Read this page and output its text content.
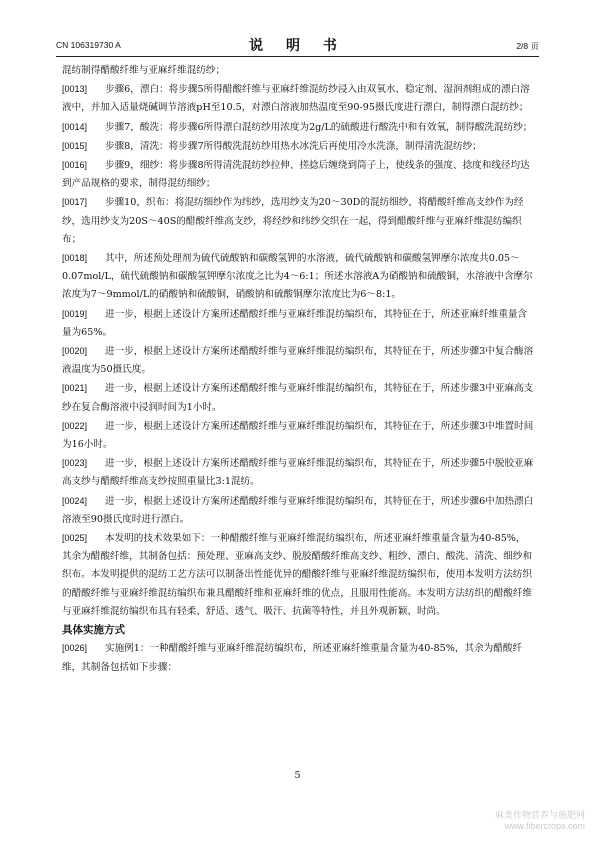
CN 106319730 A	说 明 书	2/8 页

混纺制得醋酸纤维与亚麻纤维混纺纱；

[0013] 步骤6，漂白：将步骤5所得醋酸纤维与亚麻纤维混纺纱浸入由双氧水、稳定剂、湿润剂组成的漂白溶液中，并加入适量烧碱调节溶液pH至10.5，对漂白溶液加热温度至90-95摄氏度进行漂白，制得漂白混纺纱；

[0014] 步骤7，酸洗：将步骤6所得漂白混纺纱用浓度为2g/L的硫酸进行酸洗中和有效氧，制得酸洗混纺纱；

[0015] 步骤8，清洗：将步骤7所得酸洗混纺纱用热水冰洗后再使用冷水洗涤，制得清洗混纺纱；

[0016] 步骤9，细纱：将步骤8所得清洗混纺纱拉伸、搓捻后缠绕到筒子上，使线条的强度、捻度和线径均达到产品规格的要求，制得混纺细纱；

[0017] 步骤10，织布：将混纺细纱作为纬纱，选用纱支为20～30D的混纺细纱，将醋酸纤维高支纱作为经纱，选用纱支为20S～40S的醋酸纤维高支纱，将经纱和纬纱交织在一起，得到醋酸纤维与亚麻纤维混纺编织布；

[0018] 其中，所述预处理剂为硫代硫酸钠和碳酸氢钾的水溶液，硫代硫酸钠和碳酸氢钾摩尔浓度共0.05～0.07mol/L，硫代硫酸钠和碳酸氢钾摩尔浓度之比为4～6:1；所述水溶液A为硝酸钠和硫酸铜，水溶液中含摩尔浓度为7～9mmol/L的硝酸钠和硫酸铜，硝酸钠和硫酸铜摩尔浓度比为6～8:1。

[0019] 进一步，根据上述设计方案所述醋酸纤维与亚麻纤维混纺编织布，其特征在于，所述亚麻纤维重量含量为65%。

[0020] 进一步，根据上述设计方案所述醋酸纤维与亚麻纤维混纺编织布，其特征在于，所述步骤3中复合酶溶液温度为50摄氏度。

[0021] 进一步，根据上述设计方案所述醋酸纤维与亚麻纤维混纺编织布，其特征在于，所述步骤3中亚麻高支纱在复合酶溶液中浸润时间为1小时。

[0022] 进一步，根据上述设计方案所述醋酸纤维与亚麻纤维混纺编织布，其特征在于，所述步骤3中堆置时间为16小时。

[0023] 进一步，根据上述设计方案所述醋酸纤维与亚麻纤维混纺编织布，其特征在于，所述步骤5中脱胶亚麻高支纱与醋酸纤维高支纱按照重量比3:1混纺。

[0024] 进一步，根据上述设计方案所述醋酸纤维与亚麻纤维混纺编织布，其特征在于，所述步骤6中加热漂白溶液至90摄氏度时进行漂白。

[0025] 本发明的技术效果如下：一种醋酸纤维与亚麻纤维混纺编织布，所述亚麻纤维重量含量为40-85%，其余为醋酸纤维，其制备包括：预处理、亚麻高支纱、脱胶醋酸纤维高支纱、粗纱、漂白、酸洗、清洗、细纱和织布。本发明提供的混纺工艺方法可以制备出性能优异的醋酸纤维与亚麻纤维混纺编织布，使用本发明方法纺织的醋酸纤维与亚麻纤维混纺编织布兼具醋酸纤维和亚麻纤维的优点，且服用性能高。本发明方法纺织的醋酸纤维与亚麻纤维混纺编织布具有轻柔、舒适、透气、吸汗、抗菌等特性，并且外观新颖、时尚。

具体实施方式

[0026] 实施例1：一种醋酸纤维与亚麻纤维混纺编织布，所述亚麻纤维重量含量为40-85%，其余为醋酸纤维，其制备包括如下步骤：

5
麻类作物营养与施肥网
www.fibercrops.com
